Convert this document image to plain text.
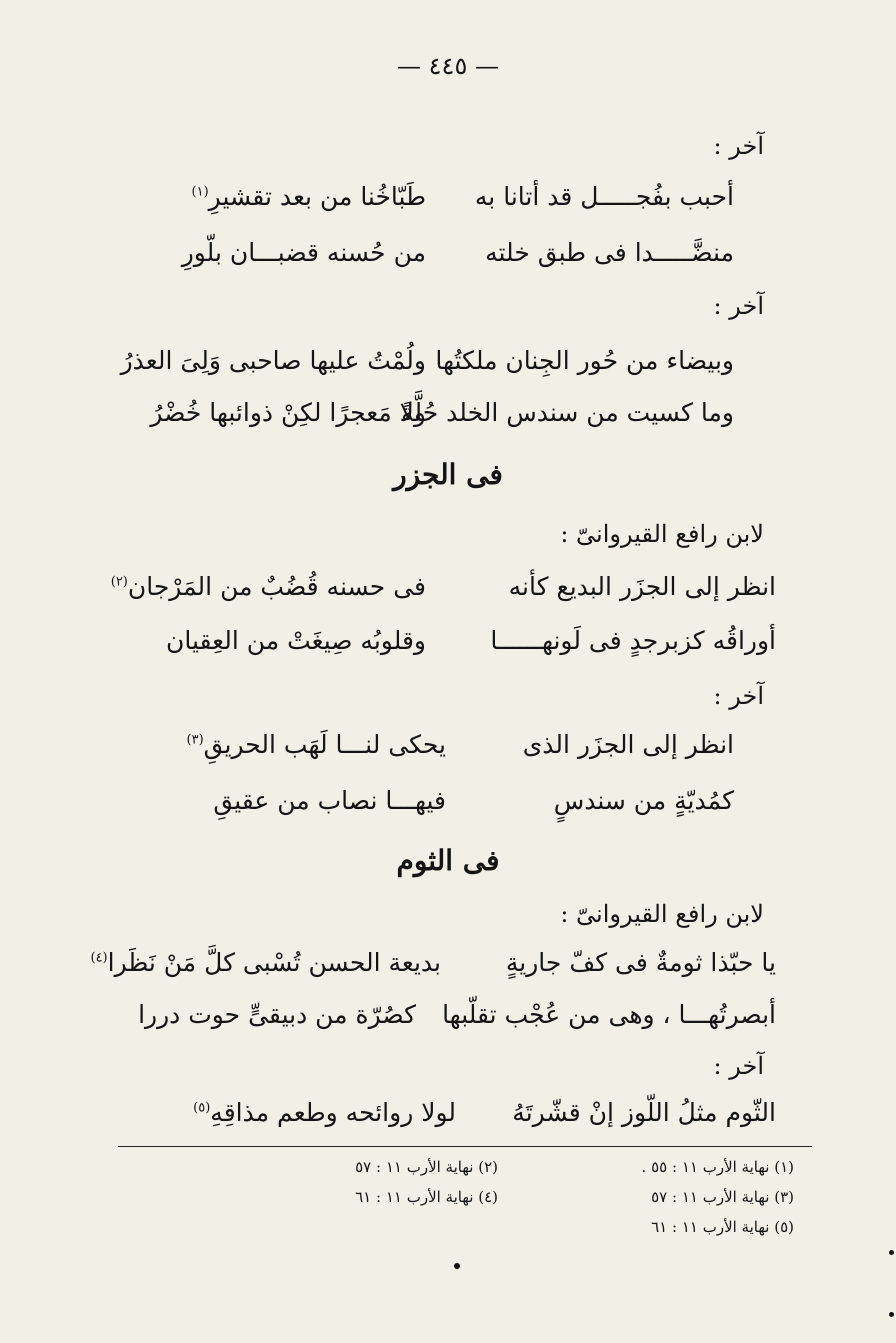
— ٤٤٥ —
آخر :
أحبب بفُجـــــل قد أتانا به
طَبّاخُنا من بعد تقشيرِ$^{(١)}$
منضَّـــــدا فى طبق خلته
من حُسنه قضبـــان بلّورِ
آخر :
وبيضاء من حُور الجِنان ملكتُها
ولُمْتُ عليها صاحبى وَلِىَ العذرُ
وما كسيت من سندس الخلد حُلَّةً
ولا مَعجرًا لكِنْ ذوائبها خُضْرُ
فى الجزر
لابن رافع القيروانىّ :
انظر إلى الجزَر البديع كأنه
فى حسنه قُضُبٌ من المَرْجان$^{(٢)}$
أوراقُه كزبرجدٍ فى لَونهــــــا
وقلوبُه صِيغَتْ من العِقيان
آخر :
انظر إلى الجزَر الذى
يحكى لنـــا لَهَب الحريقِ$^{(٣)}$
كمُديّةٍ من سندسٍ
فيهـــا نصاب من عقيقِ
فى الثوم
لابن رافع القيروانىّ :
يا حبّذا ثومةٌ فى كفّ جاريةٍ
بديعة الحسن تُسْبى كلَّ مَنْ نَظَرا$^{(٤)}$
أبصرتُهـــا ، وهى من عُجْب تقلّبها
كصُرّة من دبيقىٍّ حوت دررا
آخر :
الثّوم مثلُ اللّوز إنْ قشّرتَهُ
لولا روائحه وطعم مذاقِهِ$^{(٥)}$
(١) نهاية الأرب ١١ : ٥٥ .
(٢) نهاية الأرب ١١ : ٥٧
(٣) نهاية الأرب ١١ : ٥٧
(٤) نهاية الأرب ١١ : ٦١
(٥) نهاية الأرب ١١ : ٦١
